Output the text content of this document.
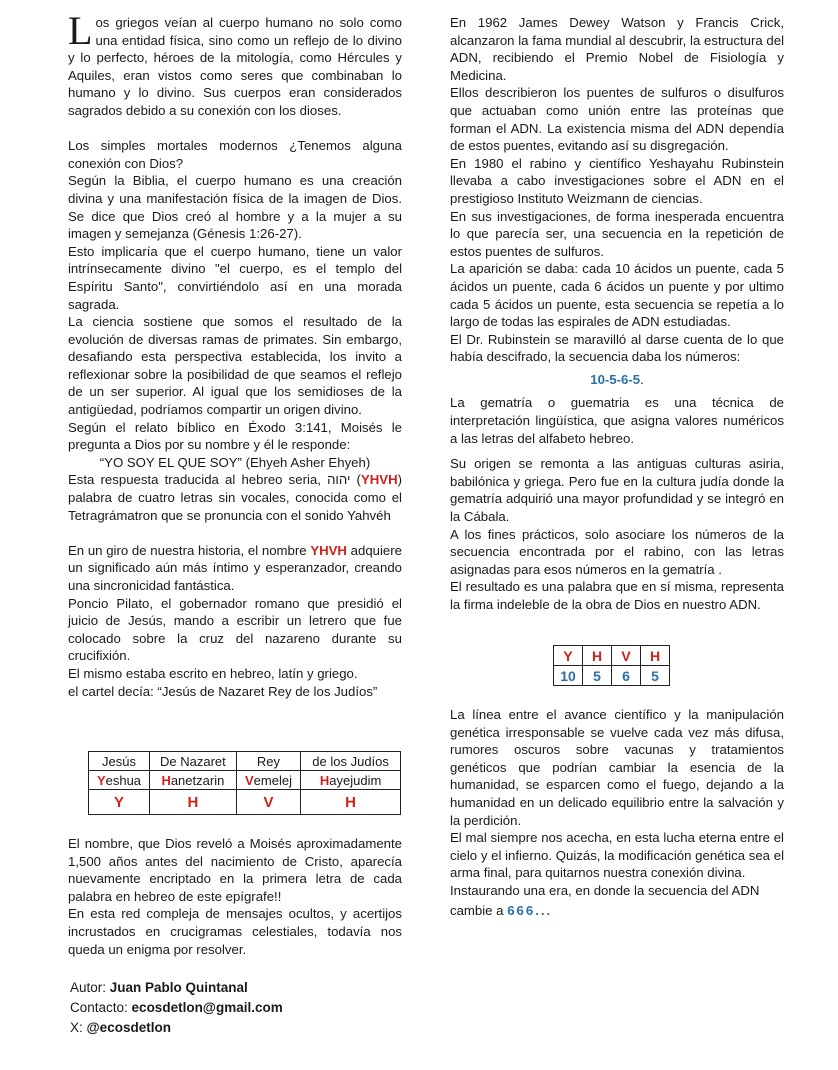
Los griegos veían al cuerpo humano no solo como una entidad física, sino como un reflejo de lo divino y lo perfecto, héroes de la mitología, como Hércules y Aquiles, eran vistos como seres que combinaban lo humano y lo divino. Sus cuerpos eran considerados sagrados debido a su conexión con los dioses.

Los simples mortales modernos ¿Tenemos alguna conexión con Dios?

Según la Biblia, el cuerpo humano es una creación divina y una manifestación física de la imagen de Dios. Se dice que Dios creó al hombre y a la mujer a su imagen y semejanza (Génesis 1:26-27).

Esto implicaría que el cuerpo humano, tiene un valor intrínsecamente divino "el cuerpo, es el templo del Espíritu Santo", convirtiéndolo así en una morada sagrada.

La ciencia sostiene que somos el resultado de la evolución de diversas ramas de primates. Sin embargo, desafiando esta perspectiva establecida, los invito a reflexionar sobre la posibilidad de que seamos el reflejo de un ser superior. Al igual que los semidioses de la antigüedad, podríamos compartir un origen divino.

Según el relato bíblico en Éxodo 3:141, Moisés le pregunta a Dios por su nombre y él le responde:

“YO SOY EL QUE SOY” (Ehyeh Asher Ehyeh)

Esta respuesta traducida al hebreo seria, יהוה (YHVH) palabra de cuatro letras sin vocales, conocida como el Tetragrámatron que se pronuncia con el sonido Yahvéh

En un giro de nuestra historia, el nombre YHVH adquiere un significado aún más íntimo y esperanzador, creando una sincronicidad fantástica.

Poncio Pilato, el gobernador romano que presidió el juicio de Jesús, mando a escribir un letrero que fue colocado sobre la cruz del nazareno durante su crucifixión.

El mismo estaba escrito en hebreo, latín y griego.

el cartel decía: “Jesús de Nazaret Rey de los Judíos”

Jesús	De Nazaret	Rey	de los Judíos
Yeshua	Hanetzarin	Vemelej	Hayejudim
Y	H	V	H

El nombre, que Dios reveló a Moisés aproximadamente 1,500 años antes del nacimiento de Cristo, aparecía nuevamente encriptado en la primera letra de cada palabra en hebreo de este epígrafe!!

En esta red compleja de mensajes ocultos, y acertijos incrustados en crucigramas celestiales, todavía nos queda un enigma por resolver.

Autor: Juan Pablo Quintanal
Contacto: ecosdetlon@gmail.com
X: @ecosdetlon

En 1962 James Dewey Watson y Francis Crick, alcanzaron la fama mundial al descubrir, la estructura del ADN, recibiendo el Premio Nobel de Fisiología y Medicina.

Ellos describieron los puentes de sulfuros o disulfuros que actuaban como unión entre las proteínas que forman el ADN. La existencia misma del ADN dependía de estos puentes, evitando así su disgregación.

En 1980 el rabino y científico Yeshayahu Rubinstein llevaba a cabo investigaciones sobre el ADN en el prestigioso Instituto Weizmann de ciencias.

En sus investigaciones, de forma inesperada encuentra lo que parecía ser, una secuencia en la repetición de estos puentes de sulfuros.

La aparición se daba: cada 10 ácidos un puente, cada 5 ácidos un puente, cada 6 ácidos un puente y por ultimo cada 5 ácidos un puente, esta secuencia se repetía a lo largo de todas las espirales de ADN estudiadas.

El Dr. Rubinstein se maravilló al darse cuenta de lo que había descifrado, la secuencia daba los números:

10-5-6-5.

La gematría o guematria es una técnica de interpretación lingüística, que asigna valores numéricos a las letras del alfabeto hebreo.

Su origen se remonta a las antiguas culturas asiria, babilónica y griega. Pero fue en la cultura judía donde la gematría adquirió una mayor profundidad y se integró en la Cábala.

A los fines prácticos, solo asociare los números de la secuencia encontrada por el rabino, con las letras asignadas para esos números en la gematría .

El resultado es una palabra que en sí misma, representa la firma indeleble de la obra de Dios en nuestro ADN.

Y	H	V	H
10	5	6	5

La línea entre el avance científico y la manipulación genética irresponsable se vuelve cada vez más difusa, rumores oscuros sobre vacunas y tratamientos genéticos que podrían cambiar la esencia de la humanidad, se esparcen como el fuego, dejando a la humanidad en un delicado equilibrio entre la salvación y la perdición.

El mal siempre nos acecha, en esta lucha eterna entre el cielo y el infierno. Quizás, la modificación genética sea el arma final, para quitarnos nuestra conexión divina.

Instaurando una era, en donde la secuencia del ADN

cambie a 666...
